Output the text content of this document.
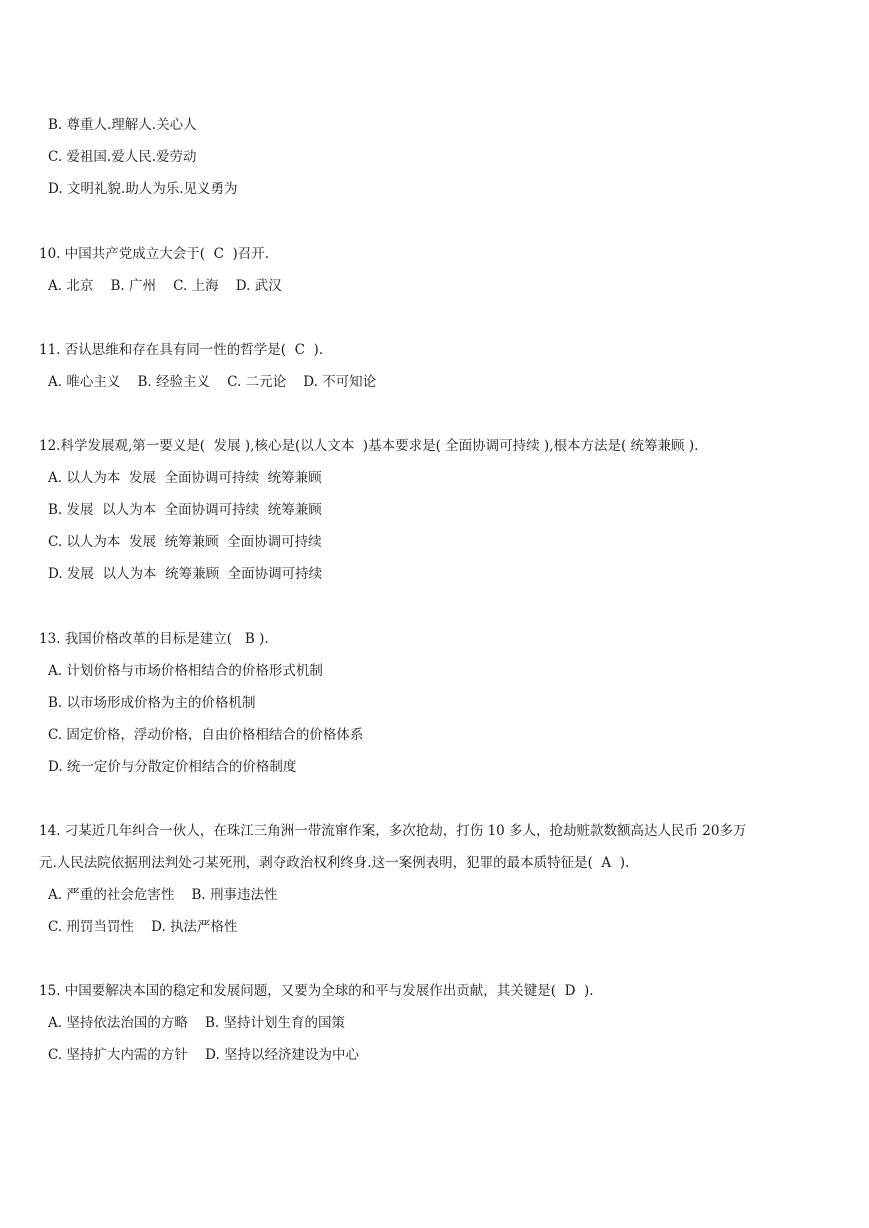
B. 尊重人.理解人.关心人
C. 爱祖国.爱人民.爱劳动
D. 文明礼貌.助人为乐.见义勇为
10. 中国共产党成立大会于(  C  )召开.
A. 北京    B. 广州    C. 上海    D. 武汉
11. 否认思维和存在具有同一性的哲学是(  C  ).
A. 唯心主义    B. 经验主义    C. 二元论    D. 不可知论
12.科学发展观,第一要义是(  发展 ),核心是(以人文本  )基本要求是( 全面协调可持续 ),根本方法是( 统筹兼顾 ).
A. 以人为本  发展  全面协调可持续  统筹兼顾
B. 发展  以人为本  全面协调可持续  统筹兼顾
C. 以人为本  发展  统筹兼顾  全面协调可持续
D. 发展  以人为本  统筹兼顾  全面协调可持续
13. 我国价格改革的目标是建立(   B ).
A. 计划价格与市场价格相结合的价格形式机制
B. 以市场形成价格为主的价格机制
C. 固定价格，浮动价格，自由价格相结合的价格体系
D. 统一定价与分散定价相结合的价格制度
14. 刁某近几年纠合一伙人，在珠江三角洲一带流窜作案，多次抢劫，打伤 10 多人，抢劫赃款数额高达人民币 20多万
元.人民法院依据刑法判处刁某死刑，剥夺政治权利终身.这一案例表明，犯罪的最本质特征是(  A  ).
A. 严重的社会危害性    B. 刑事违法性
C. 刑罚当罚性    D. 执法严格性
15. 中国要解决本国的稳定和发展问题，又要为全球的和平与发展作出贡献，其关键是(  D  ).
A. 坚持依法治国的方略    B. 坚持计划生育的国策
C. 坚持扩大内需的方针    D. 坚持以经济建设为中心
